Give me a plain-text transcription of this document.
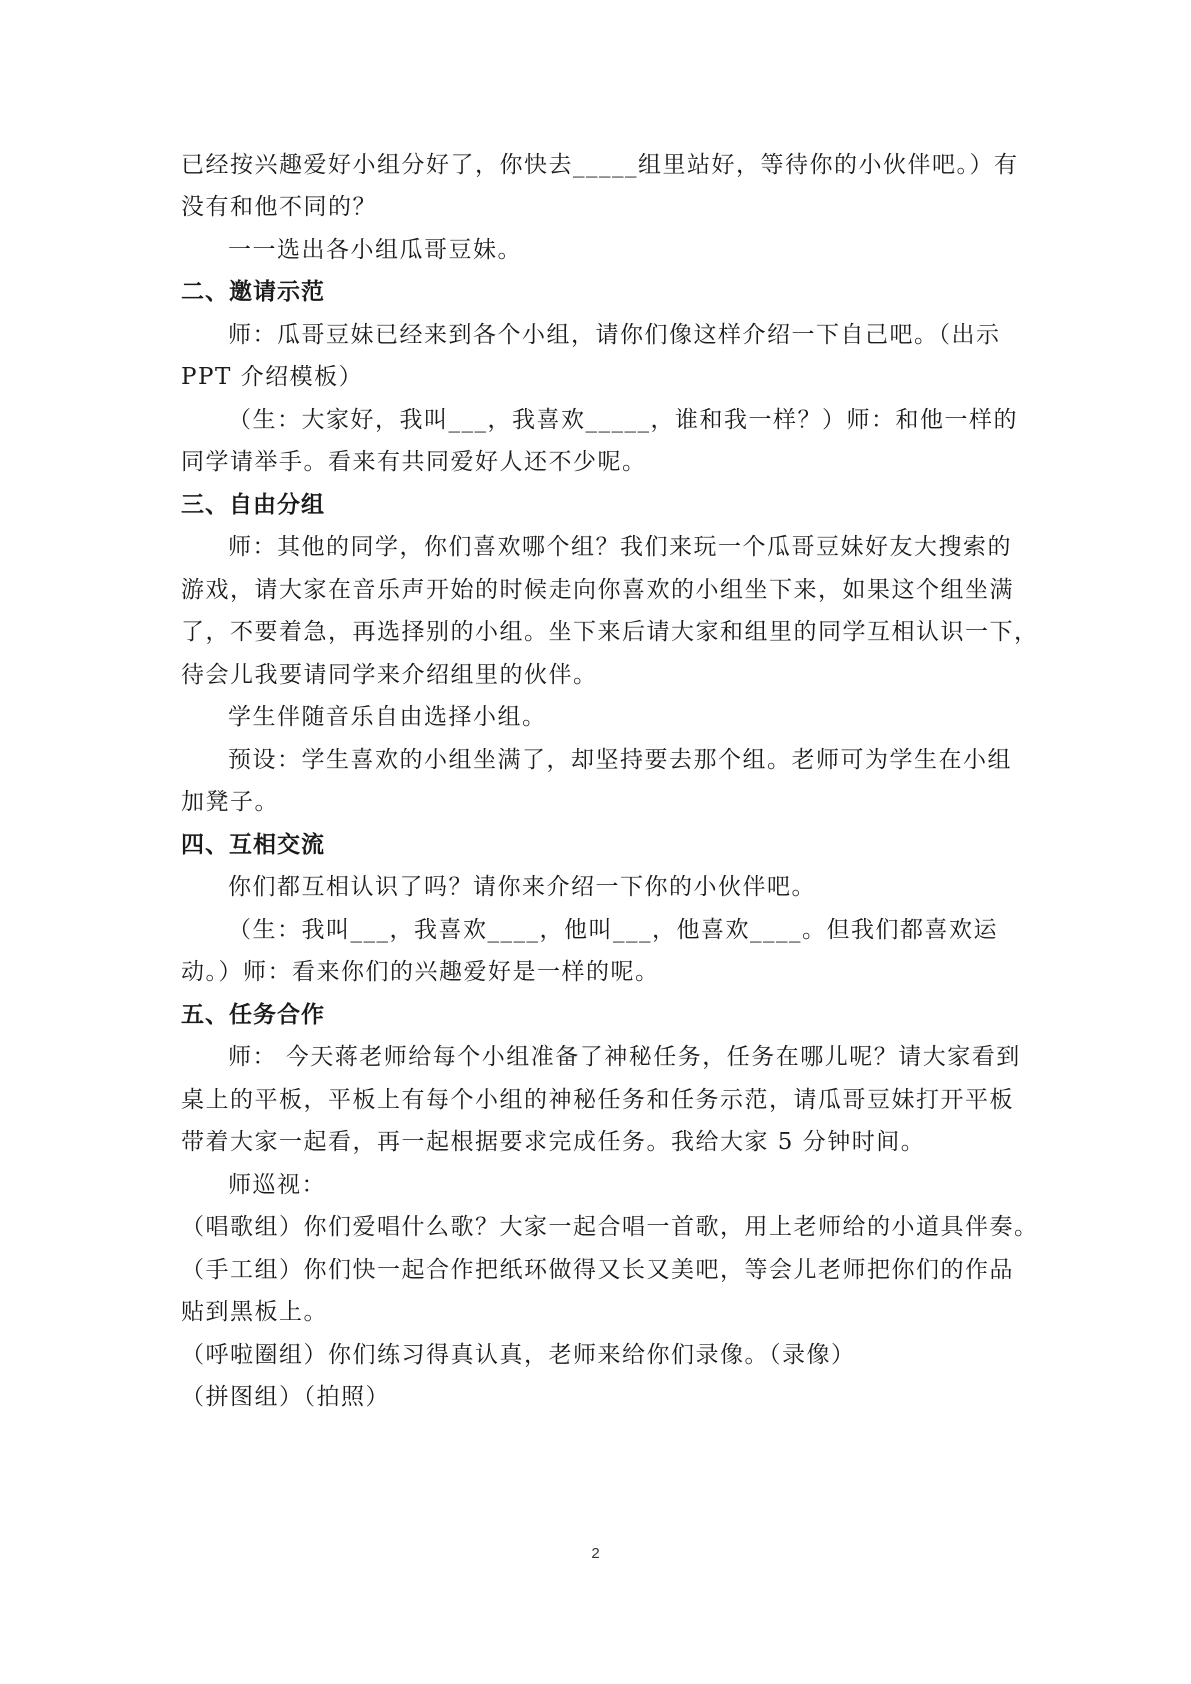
已经按兴趣爱好小组分好了，你快去_____组里站好，等待你的小伙伴吧。）有
没有和他不同的？
一一选出各小组瓜哥豆妹。
二、邀请示范
师：瓜哥豆妹已经来到各个小组，请你们像这样介绍一下自己吧。（出示
PPT 介绍模板）
（生：大家好，我叫___，我喜欢_____，谁和我一样？）师：和他一样的
同学请举手。看来有共同爱好人还不少呢。
三、自由分组
师：其他的同学，你们喜欢哪个组？我们来玩一个瓜哥豆妹好友大搜索的
游戏，请大家在音乐声开始的时候走向你喜欢的小组坐下来，如果这个组坐满
了，不要着急，再选择别的小组。坐下来后请大家和组里的同学互相认识一下，
待会儿我要请同学来介绍组里的伙伴。
学生伴随音乐自由选择小组。
预设：学生喜欢的小组坐满了，却坚持要去那个组。老师可为学生在小组
加凳子。
四、互相交流
你们都互相认识了吗？请你来介绍一下你的小伙伴吧。
（生：我叫___，我喜欢____，他叫___，他喜欢____。但我们都喜欢运
动。）师：看来你们的兴趣爱好是一样的呢。
五、任务合作
师： 今天蒋老师给每个小组准备了神秘任务，任务在哪儿呢？请大家看到
桌上的平板，平板上有每个小组的神秘任务和任务示范，请瓜哥豆妹打开平板
带着大家一起看，再一起根据要求完成任务。我给大家 5 分钟时间。
师巡视：
（唱歌组）你们爱唱什么歌？大家一起合唱一首歌，用上老师给的小道具伴奏。
（手工组）你们快一起合作把纸环做得又长又美吧，等会儿老师把你们的作品
贴到黑板上。
（呼啦圈组）你们练习得真认真，老师来给你们录像。（录像）
（拼图组）（拍照）
2
